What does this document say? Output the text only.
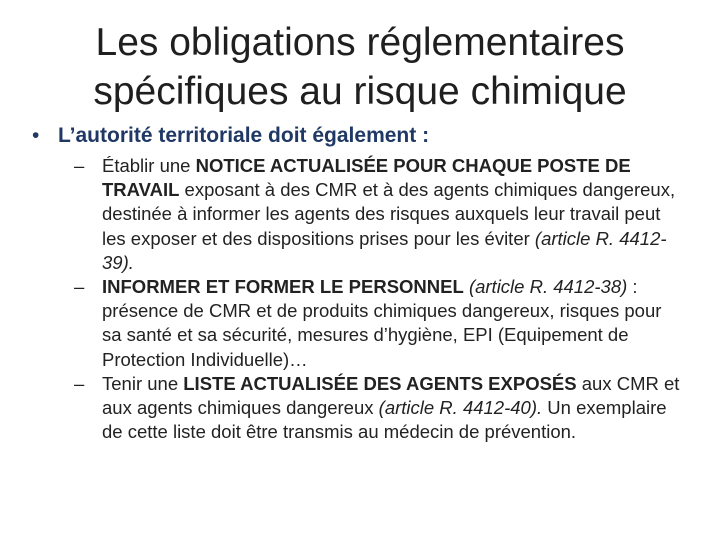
Les obligations réglementaires
spécifiques au risque chimique
• L’autorité territoriale doit également :
– Établir une NOTICE ACTUALISÉE POUR CHAQUE POSTE DE TRAVAIL exposant à des CMR et à des agents chimiques dangereux, destinée à informer les agents des risques auxquels leur travail peut les exposer et des dispositions prises pour les éviter (article R. 4412-39).
– INFORMER ET FORMER LE PERSONNEL (article R. 4412-38) : présence de CMR et de produits chimiques dangereux, risques pour sa santé et sa sécurité, mesures d’hygiène, EPI (Equipement de Protection Individuelle)…
– Tenir une LISTE ACTUALISÉE DES AGENTS EXPOSÉS aux CMR et aux agents chimiques dangereux (article R. 4412-40). Un exemplaire de cette liste doit être transmis au médecin de prévention.
